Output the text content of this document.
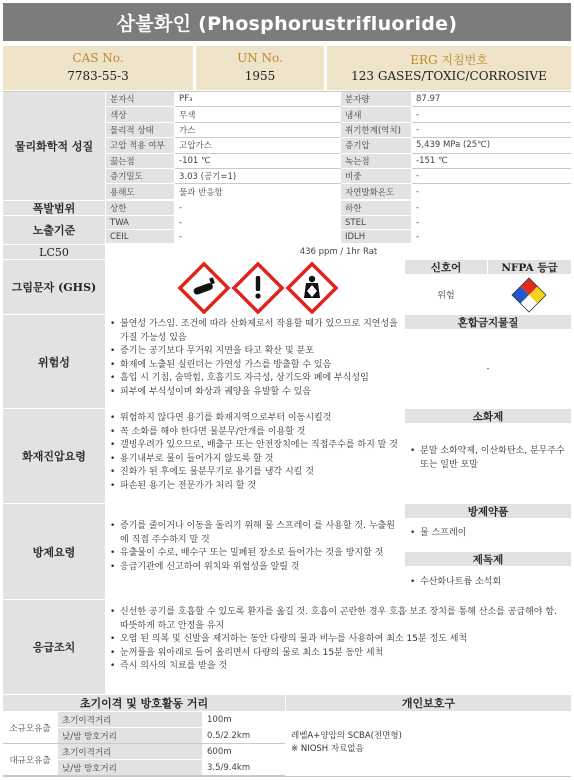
삼불화인 (Phosphorustrifluoride)
CAS No.
7783-55-3
UN No.
1955
ERG 지침번호
123 GASES/TOXIC/CORROSIVE
물리화학적 성질
분자식	PF₃	분자량	87.97
색상	무색	냄새	-
물리적 상태	가스	취기한계(역치)	-
고압 적용 여부	고압가스	증기압	5,439 MPa (25℃)
끓는점	-101 ℃	녹는점	-151 ℃
증기밀도	3.03 (공기=1)	비중	-
용해도	물과 반응함	자연발화온도	-
폭발범위	상한	-	하한	-
노출기준
TWA	-	STEL	-
CEIL	-	IDLH	-
LC50	436 ppm / 1hr Rat
그림문자 (GHS)
신호어	NFPA 등급
위험
위험성
• 불연성 가스임. 조건에 따라 산화제로서 작용할 때가 있으므로 지연성을 가질 가능성 있음
• 증기는 공기보다 무거워 지면을 타고 확산 및 분포
• 화재에 노출된 실린더는 가연성 가스를 방출할 수 있음
• 흡입 시 기침, 숨막힘, 호흡기도 자극성, 상기도와 폐에 부식성임
• 피부에 부식성이며 화상과 궤양을 유발할 수 있음
혼합금지물질
-
화재진압요령
• 위험하지 않다면 용기를 화재지역으로부터 이동시킬것
• 꼭 소화를 해야 한다면 물분무/안개를 이용할 것
• 갤빙우려가 있으므로, 배출구 또는 안전장치에는 직접주수를 하지 말 것
• 용기내부로 물이 들어가지 않도록 할 것
• 진화가 된 후에도 물분무기로 용기를 냉각 시킬 것
• 파손된 용기는 전문가가 처리 할 것
소화제
• 분말 소화약제, 이산화탄소, 분무주수 또는 일반 포말
방제요령
• 증기를 줄이거나 이동을 돌리기 위해 물 스프레이 를 사용할 것. 누출원에 직접 주수하지 말 것
• 유출물이 수로, 배수구 또는 밀폐된 장소로 들어가는 것을 방지할 것
• 응급기관에 신고하여 위치와 위험성을 알릴 것
방제약품
• 물 스프레이
제독제
• 수산화나트륨 소석회
응급조치
• 신선한 공기를 호흡할 수 있도록 환자를 옮길 것. 호흡이 곤란한 경우 호흡 보조 장치를 통해 산소를 공급해야 함. 따뜻하게 하고 안정을 유지
• 오염 된 의복 및 신발을 제거하는 동안 다량의 물과 비누를 사용하여 최소 15분 정도 세척
• 눈꺼풀을 위아래로 들어 올리면서 다량의 물로 최소 15분 동안 세척
• 즉시 의사의 치료를 받을 것
초기이격 및 방호활동 거리	개인보호구
소규모유출
초기이격거리	100m
낮/밤 방호거리	0.5/2.2km
대규모유출
초기이격거리	600m
낮/밤 방호거리	3.5/9.4km
레벨A+양압의 SCBA(전면형)
※ NIOSH 자료없음
